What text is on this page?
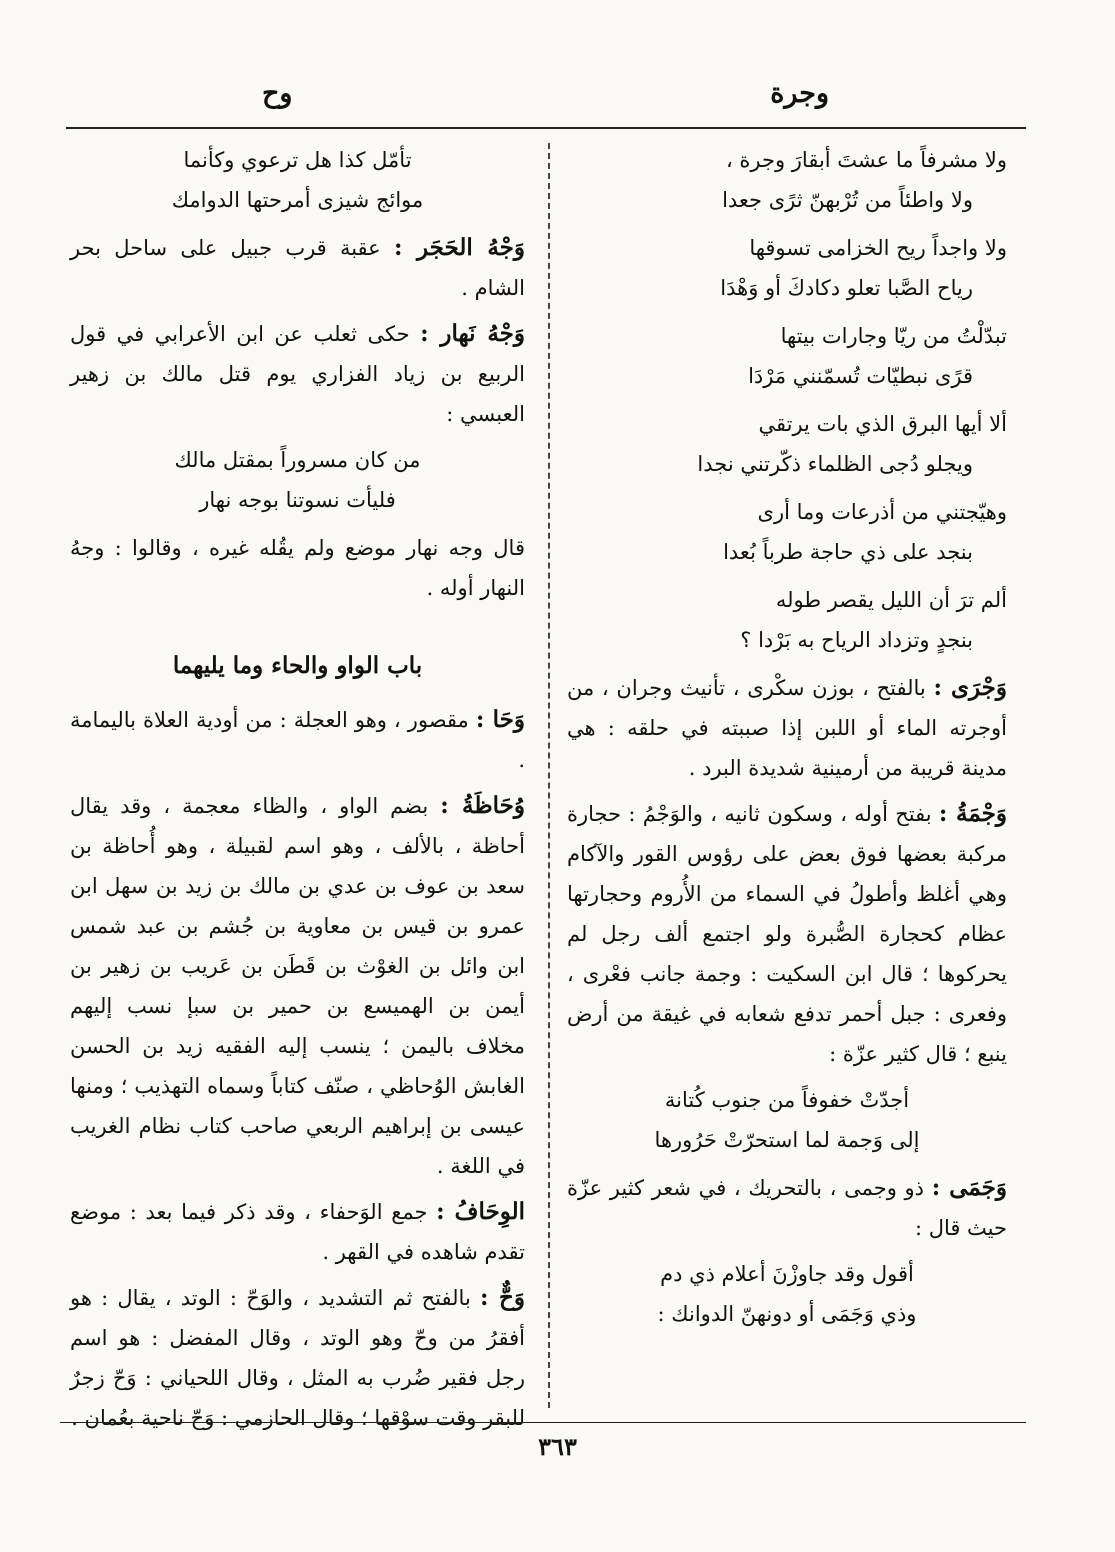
وجرة
وح
ولا مشرفاً ما عشتَ أبقارَ وجرة ،
ولا واطئاً من تُرْبهنّ ثرًى جعدا
ولا واجداً ريح الخزامى تسوقها
رياح الصَّبا تعلو دكادكَ أو وَهْدَا
تبدّلْتُ من ريّا وجارات بيتها
قرًى نبطيّات تُسمّنني مَرْدَا
ألا أيها البرق الذي بات يرتقي
ويجلو دُجى الظلماء ذكّرتني نجدا
وهيّجتني من أذرعات وما أرى
بنجد على ذي حاجة طرباً بُعدا
ألم ترَ أن الليل يقصر طوله
بنجدٍ وتزداد الرياح به بَرْدا ؟
وَجْرَى : بالفتح ، بوزن سكْرى ، تأنيث وجران ، من أوجرته الماء أو اللبن إذا صببته في حلقه : هي مدينة قريبة من أرمينية شديدة البرد .
وَجْمَةُ : بفتح أوله ، وسكون ثانيه ، والوَجْمُ : حجارة مركبة بعضها فوق بعض على رؤوس القور والآكام وهي أغلظ وأطولُ في السماء من الأُروم وحجارتها عظام كحجارة الصُّبرة ولو اجتمع ألف رجل لم يحركوها ؛ قال ابن السكيت : وجمة جانب فعْرى ، وفعرى : جبل أحمر تدفع شعابه في غيقة من أرض ينبع ؛ قال كثير عزّة :
أجدّتْ خفوفاً من جنوب كُتانة
إلى وَجمة لما استحرّتْ حَرُورها
وَجَمَى : ذو وجمى ، بالتحريك ، في شعر كثير عزّة حيث قال :
أقول وقد جاوزْنَ أعلام ذي دم
وذي وَجَمَى أو دونهنّ الدوانك :
تأمّل كذا هل ترعوي وكأنما
موائج شيزى أمرحتها الدوامك
وَجْهُ الحَجَر : عقبة قرب جبيل على ساحل بحر الشام .
وَجْهُ نَهار : حكى ثعلب عن ابن الأعرابي في قول الربيع بن زياد الفزاري يوم قتل مالك بن زهير العبسي :
من كان مسروراً بمقتل مالك
فليأت نسوتنا بوجه نهار
قال وجه نهار موضع ولم يقُله غيره ، وقالوا : وجهُ النهار أوله .
باب الواو والحاء وما يليهما
وَحَا : مقصور ، وهو العجلة : من أودية العلاة باليمامة .
وُحَاظَةُ : بضم الواو ، والظاء معجمة ، وقد يقال أحاظة ، بالألف ، وهو اسم لقبيلة ، وهو أُحاظة بن سعد بن عوف بن عدي بن مالك بن زيد بن سهل ابن عمرو بن قيس بن معاوية بن جُشم بن عبد شمس ابن وائل بن الغوْث بن قَطَن بن عَريب بن زهير بن أيمن بن الهميسع بن حمير بن سبإ نسب إليهم مخلاف باليمن ؛ ينسب إليه الفقيه زيد بن الحسن الغابش الوُحاظي ، صنّف كتاباً وسماه التهذيب ؛ ومنها عيسى بن إبراهيم الربعي صاحب كتاب نظام الغريب في اللغة .
الوِحَافُ : جمع الوَحفاء ، وقد ذكر فيما بعد : موضع تقدم شاهده في القهر .
وَحٌّ : بالفتح ثم التشديد ، والوَحّ : الوتد ، يقال : هو أفقرُ من وحّ وهو الوتد ، وقال المفضل : هو اسم رجل فقير ضُرب به المثل ، وقال اللحياني : وَحّ زجرٌ للبقر وقت سوْقها ؛ وقال الحازمي : وَحّ ناحية بعُمان .
٣٦٣
